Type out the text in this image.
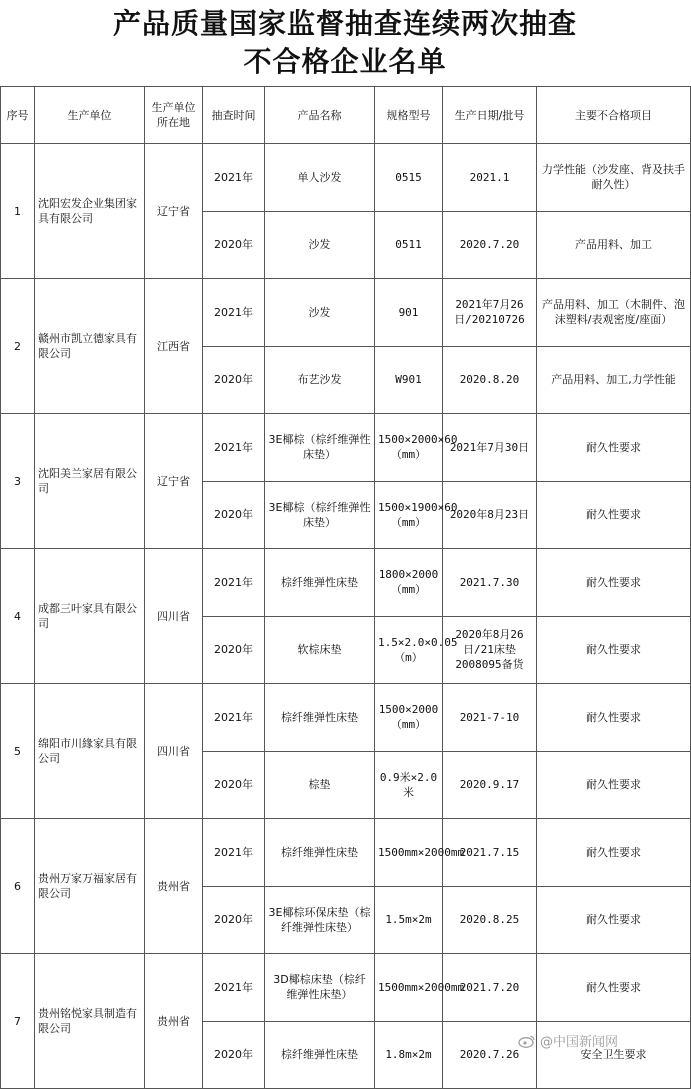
产品质量国家监督抽查连续两次抽查
不合格企业名单
序号	生产单位	生产单位所在地	抽查时间	产品名称	规格型号	生产日期/批号	主要不合格项目
1	沈阳宏发企业集团家具有限公司	辽宁省	2021年	单人沙发	0515	2021.1	力学性能（沙发座、背及扶手耐久性）
			2020年	沙发	0511	2020.7.20	产品用料、加工
2	赣州市凯立德家具有限公司	江西省	2021年	沙发	901	2021年7月26日/20210726	产品用料、加工（木制件、泡沫塑料/表观密度/座面）
			2020年	布艺沙发	W901	2020.8.20	产品用料、加工,力学性能
3	沈阳美兰家居有限公司	辽宁省	2021年	3E椰棕（棕纤维弹性床垫）	1500×2000×60（mm）	2021年7月30日	耐久性要求
			2020年	3E椰棕（棕纤维弹性床垫）	1500×1900×60（mm）	2020年8月23日	耐久性要求
4	成都三叶家具有限公司	四川省	2021年	棕纤维弹性床垫	1800×2000（mm）	2021.7.30	耐久性要求
			2020年	软棕床垫	1.5×2.0×0.05（m）	2020年8月26日/21床垫2008095备货	耐久性要求
5	绵阳市川緣家具有限公司	四川省	2021年	棕纤维弹性床垫	1500×2000（mm）	2021-7-10	耐久性要求
			2020年	棕垫	0.9米×2.0米	2020.9.17	耐久性要求
6	贵州万家万福家居有限公司	贵州省	2021年	棕纤维弹性床垫	1500mm×2000mm	2021.7.15	耐久性要求
			2020年	3E椰棕环保床垫（棕纤维弹性床垫）	1.5m×2m	2020.8.25	耐久性要求
7	贵州铭悦家具制造有限公司	贵州省	2021年	3D椰棕床垫（棕纤维弹性床垫）	1500mm×2000mm	2021.7.20	耐久性要求
			2020年	棕纤维弹性床垫	1.8m×2m	2020.7.26	安全卫生要求
@中国新闻网
